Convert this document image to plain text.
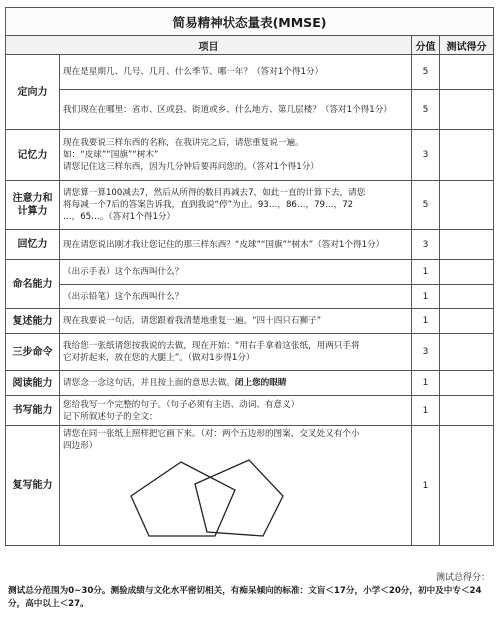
简易精神状态量表(MMSE)			
项目		分值	测试得分
定向力	现在是星期几、几号、几月、什么季节、哪一年？（答对1个得1分）	5	
	我们现在在哪里：省市、区或县、街道或乡、什么地方、第几层楼？（答对1个得1分）	5	
记忆力	现在我要说三样东西的名称，在我讲完之后，请您重复说一遍。
如：“皮球”“国旗”“树木”
请您记住这三样东西，因为几分钟后要再问您的。（答对1个得1分）	3	

注意力和
计算力	请您算一算100减去7，然后从所得的数目再减去7，如此一直的计算下去，请您
将每减一个7后的答案告诉我，直到我说“停”为止。93…，86…，79…，72
…，65…。（答对1个得1分）	5	
回忆力	现在请您说出刚才我让您记住的那三样东西？“皮球”“国旗”“树木”（答对1个得1分）	3	
命名能力	（出示手表）这个东西叫什么？	1	
	（出示铅笔）这个东西叫什么？	1	
复述能力	现在我要说一句话，请您跟着我清楚地重复一遍。“四十四只石狮子”	1	
三步命令	我给您一张纸请您按我说的去做，现在开始：“用右手拿着这张纸，用两只手将
它对折起来，放在您的大腿上”。（做对1步得1分）	3	
阅读能力	请您念一念这句话，并且按上面的意思去做。闭上您的眼睛	1	
书写能力	您给我写一个完整的句子。（句子必须有主语、动词、有意义）
记下所叙述句子的全文：	1	
复写能力	请您在同一张纸上照样把它画下来。（对：两个五边形的图案，交叉处又有个小
四边形）	1	
测试总得分：
测试总分范围为0~30分。测验成绩与文化水平密切相关，有痴呆倾向的标准：文盲＜17分，小学＜20分，初中及中专＜24分，高中以上＜27。
